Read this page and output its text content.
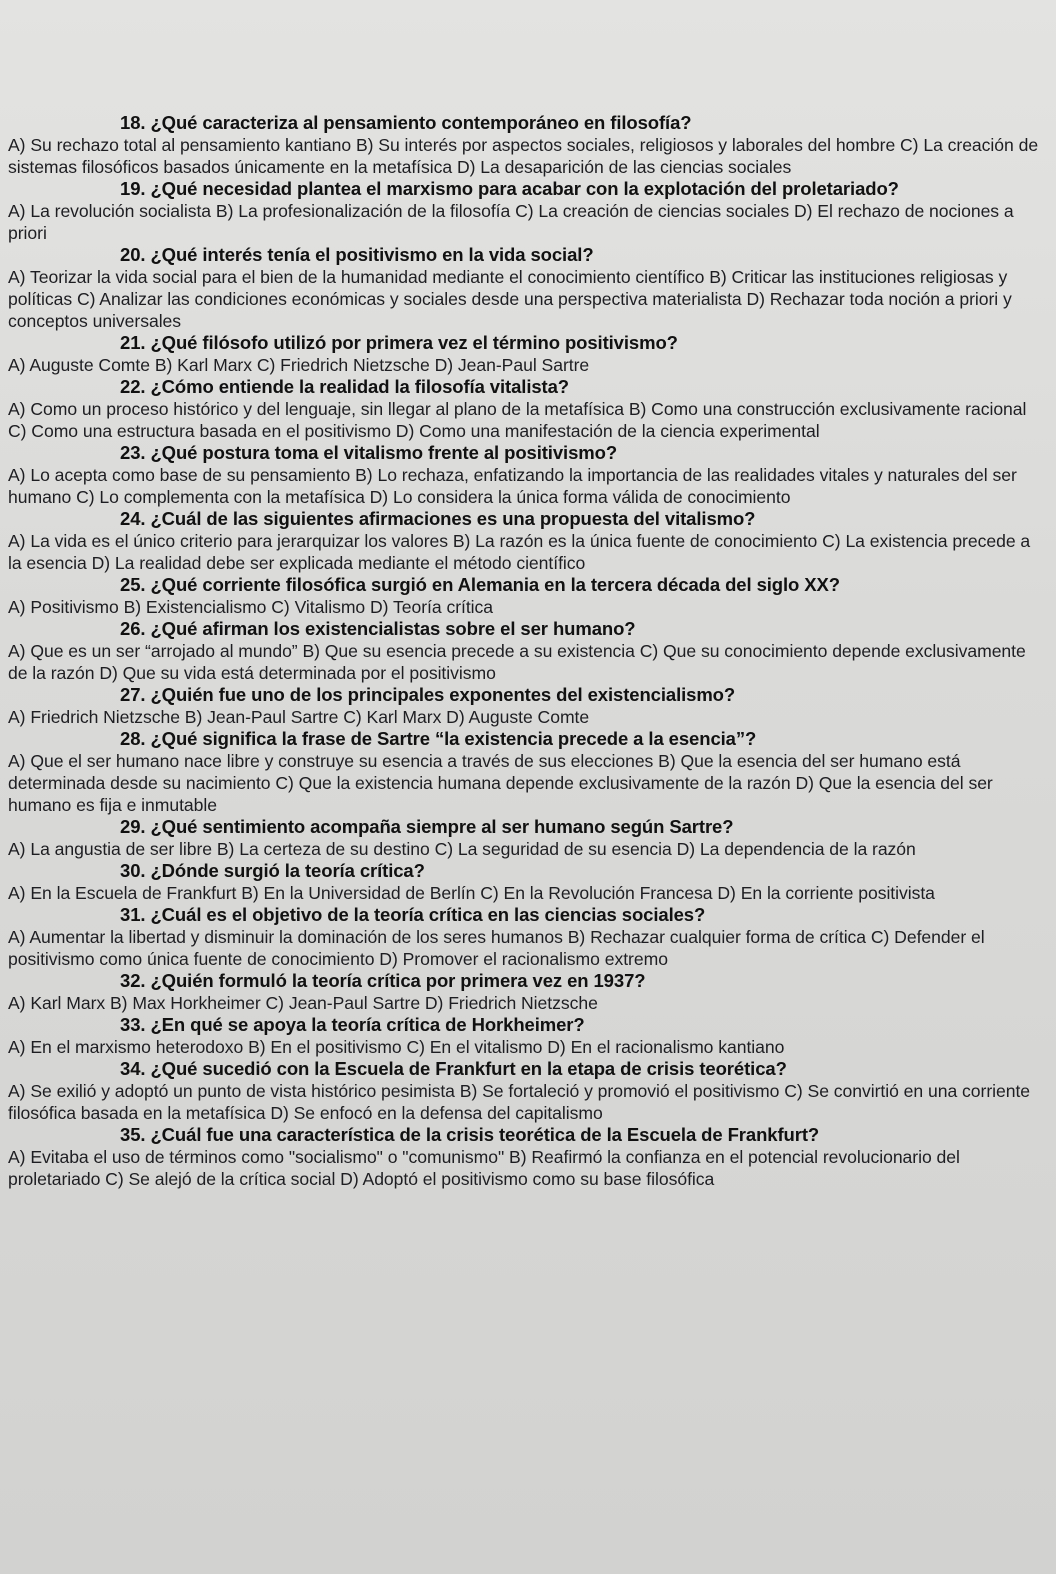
18. ¿Qué caracteriza al pensamiento contemporáneo en filosofía?
A) Su rechazo total al pensamiento kantiano B) Su interés por aspectos sociales, religiosos y laborales del hombre C) La creación de sistemas filosóficos basados únicamente en la metafísica D) La desaparición de las ciencias sociales
19. ¿Qué necesidad plantea el marxismo para acabar con la explotación del proletariado?
A) La revolución socialista B) La profesionalización de la filosofía C) La creación de ciencias sociales D) El rechazo de nociones a priori
20. ¿Qué interés tenía el positivismo en la vida social?
A) Teorizar la vida social para el bien de la humanidad mediante el conocimiento científico B) Criticar las instituciones religiosas y políticas C) Analizar las condiciones económicas y sociales desde una perspectiva materialista D) Rechazar toda noción a priori y conceptos universales
21. ¿Qué filósofo utilizó por primera vez el término positivismo?
A) Auguste Comte B) Karl Marx C) Friedrich Nietzsche D) Jean-Paul Sartre
22. ¿Cómo entiende la realidad la filosofía vitalista?
A) Como un proceso histórico y del lenguaje, sin llegar al plano de la metafísica B) Como una construcción exclusivamente racional C) Como una estructura basada en el positivismo D) Como una manifestación de la ciencia experimental
23. ¿Qué postura toma el vitalismo frente al positivismo?
A) Lo acepta como base de su pensamiento B) Lo rechaza, enfatizando la importancia de las realidades vitales y naturales del ser humano C) Lo complementa con la metafísica D) Lo considera la única forma válida de conocimiento
24. ¿Cuál de las siguientes afirmaciones es una propuesta del vitalismo?
A) La vida es el único criterio para jerarquizar los valores B) La razón es la única fuente de conocimiento C) La existencia precede a la esencia D) La realidad debe ser explicada mediante el método científico
25. ¿Qué corriente filosófica surgió en Alemania en la tercera década del siglo XX?
A) Positivismo B) Existencialismo C) Vitalismo D) Teoría crítica
26. ¿Qué afirman los existencialistas sobre el ser humano?
A) Que es un ser “arrojado al mundo” B) Que su esencia precede a su existencia C) Que su conocimiento depende exclusivamente de la razón D) Que su vida está determinada por el positivismo
27. ¿Quién fue uno de los principales exponentes del existencialismo?
A) Friedrich Nietzsche B) Jean-Paul Sartre C) Karl Marx D) Auguste Comte
28. ¿Qué significa la frase de Sartre “la existencia precede a la esencia”?
A) Que el ser humano nace libre y construye su esencia a través de sus elecciones B) Que la esencia del ser humano está determinada desde su nacimiento C) Que la existencia humana depende exclusivamente de la razón D) Que la esencia del ser humano es fija e inmutable
29. ¿Qué sentimiento acompaña siempre al ser humano según Sartre?
A) La angustia de ser libre B) La certeza de su destino C) La seguridad de su esencia D) La dependencia de la razón
30. ¿Dónde surgió la teoría crítica?
A) En la Escuela de Frankfurt B) En la Universidad de Berlín C) En la Revolución Francesa D) En la corriente positivista
31. ¿Cuál es el objetivo de la teoría crítica en las ciencias sociales?
A) Aumentar la libertad y disminuir la dominación de los seres humanos B) Rechazar cualquier forma de crítica C) Defender el positivismo como única fuente de conocimiento D) Promover el racionalismo extremo
32. ¿Quién formuló la teoría crítica por primera vez en 1937?
A) Karl Marx B) Max Horkheimer C) Jean-Paul Sartre D) Friedrich Nietzsche
33. ¿En qué se apoya la teoría crítica de Horkheimer?
A) En el marxismo heterodoxo B) En el positivismo C) En el vitalismo D) En el racionalismo kantiano
34. ¿Qué sucedió con la Escuela de Frankfurt en la etapa de crisis teorética?
A) Se exilió y adoptó un punto de vista histórico pesimista B) Se fortaleció y promovió el positivismo C) Se convirtió en una corriente filosófica basada en la metafísica D) Se enfocó en la defensa del capitalismo
35. ¿Cuál fue una característica de la crisis teorética de la Escuela de Frankfurt?
A) Evitaba el uso de términos como "socialismo" o "comunismo" B) Reafirmó la confianza en el potencial revolucionario del proletariado C) Se alejó de la crítica social D) Adoptó el positivismo como su base filosófica
